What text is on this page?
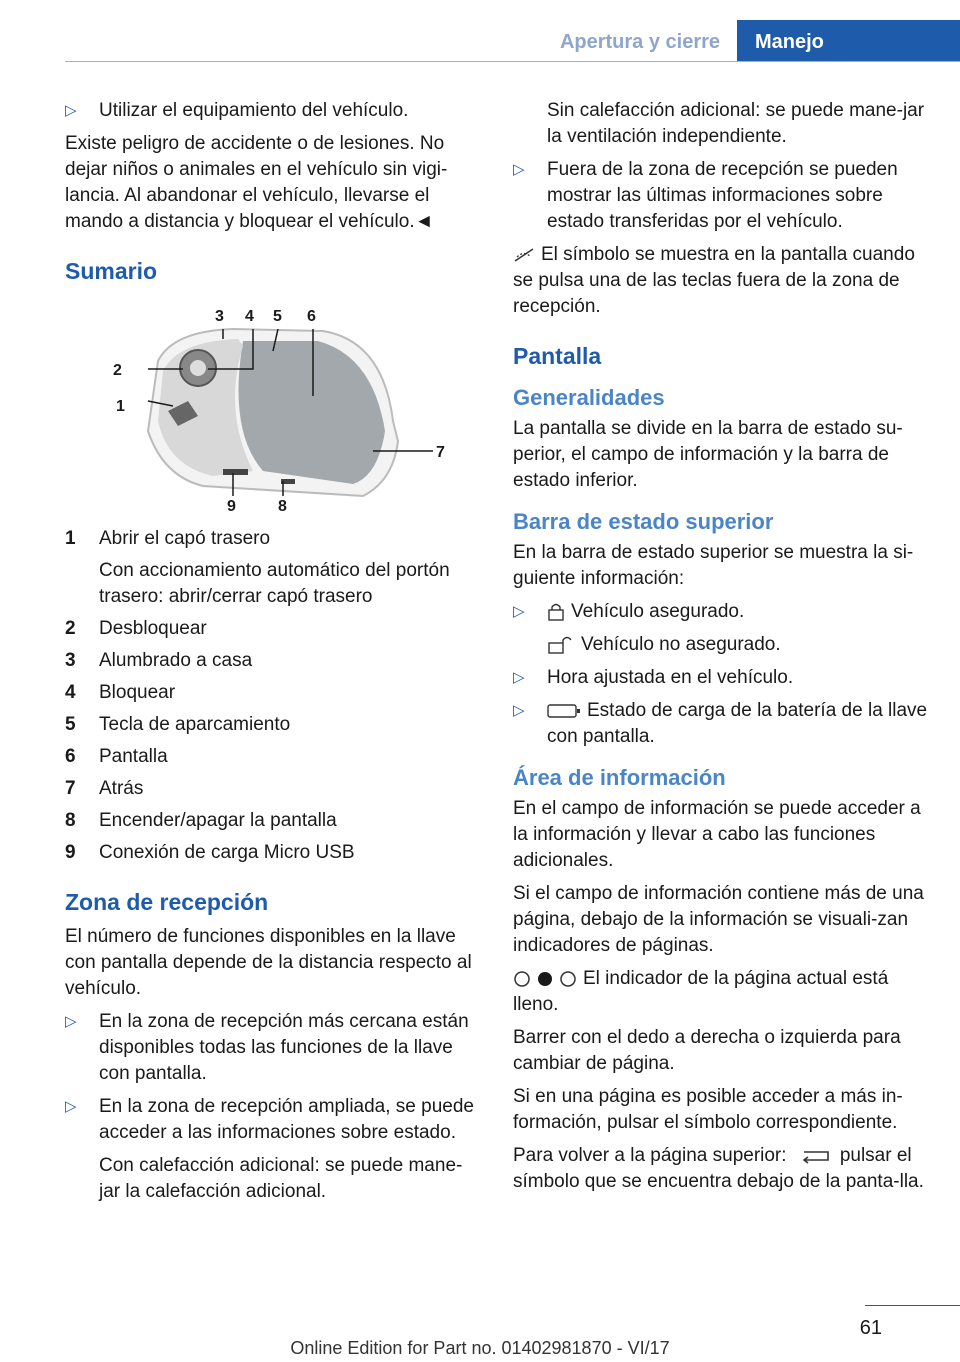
Apertura y cierre	Manejo
▷ Utilizar el equipamiento del vehículo.
Existe peligro de accidente o de lesiones. No dejar niños o animales en el vehículo sin vigi-lancia. Al abandonar el vehículo, llevarse el mando a distancia y bloquear el vehículo.◄
Sumario
1
2
3 4 5 6
7
8
9
1	Abrir el capó trasero

Con accionamiento automático del portón trasero: abrir/cerrar capó trasero
2	Desbloquear
3	Alumbrado a casa
4	Bloquear
5	Tecla de aparcamiento
6	Pantalla
7	Atrás
8	Encender/apagar la pantalla
9	Conexión de carga Micro USB
Zona de recepción
El número de funciones disponibles en la llave con pantalla depende de la distancia respecto al vehículo.
▷ En la zona de recepción más cercana están disponibles todas las funciones de la llave con pantalla.
▷ En la zona de recepción ampliada, se puede acceder a las informaciones sobre estado.
Con calefacción adicional: se puede mane-jar la calefacción adicional.
Sin calefacción adicional: se puede mane-jar la ventilación independiente.
▷ Fuera de la zona de recepción se pueden mostrar las últimas informaciones sobre estado transferidas por el vehículo.
El símbolo se muestra en la pantalla cuando se pulsa una de las teclas fuera de la zona de recepción.
Pantalla
Generalidades
La pantalla se divide en la barra de estado su-perior, el campo de información y la barra de estado inferior.
Barra de estado superior
En la barra de estado superior se muestra la si-guiente información:
▷ Vehículo asegurado.
Vehículo no asegurado.
▷ Hora ajustada en el vehículo.
▷	Estado de carga de la batería de la llave con pantalla.
Área de información
En el campo de información se puede acceder a la información y llevar a cabo las funciones adicionales.
Si el campo de información contiene más de una página, debajo de la información se visuali-zan indicadores de páginas.
El indicador de la página actual está lleno.
Barrer con el dedo a derecha o izquierda para cambiar de página.
Si en una página es posible acceder a más in-formación, pulsar el símbolo correspondiente.
Para volver a la página superior:	pulsar el símbolo que se encuentra debajo de la panta-lla.
61
Online Edition for Part no. 01402981870 - VI/17
